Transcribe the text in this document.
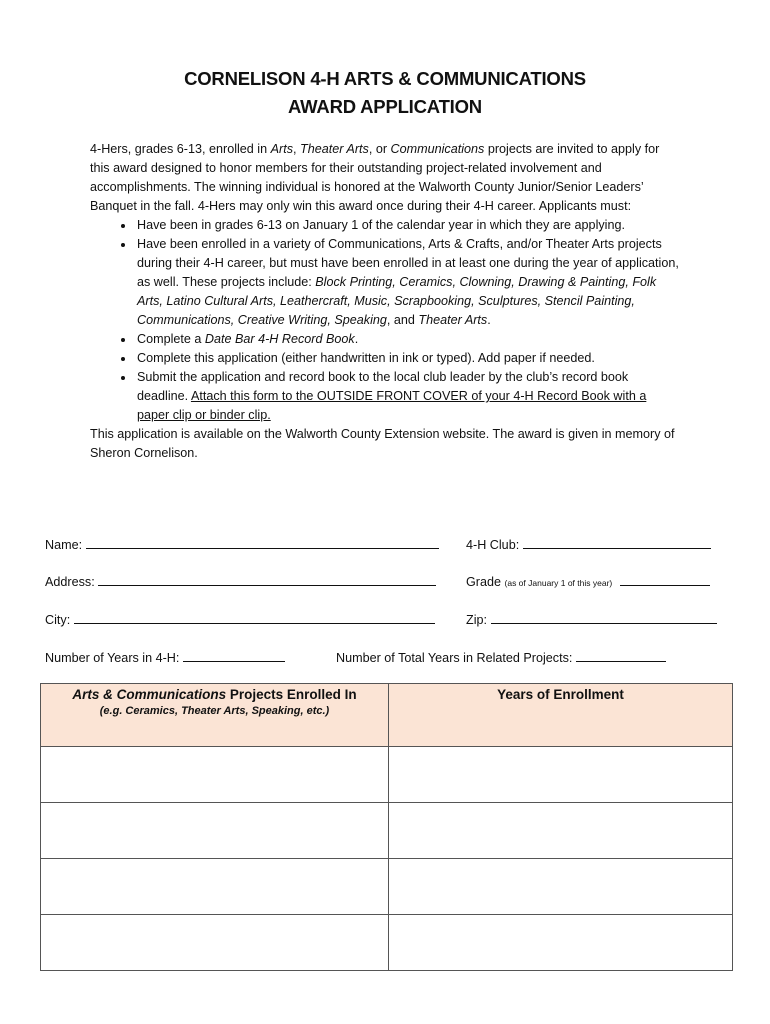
CORNELISON 4-H ARTS & COMMUNICATIONS
AWARD APPLICATION

4-Hers, grades 6-13, enrolled in Arts, Theater Arts, or Communications projects are invited to apply for this award designed to honor members for their outstanding project-related involvement and accomplishments. The winning individual is honored at the Walworth County Junior/Senior Leaders’ Banquet in the fall. 4-Hers may only win this award once during their 4-H career. Applicants must:

• Have been in grades 6-13 on January 1 of the calendar year in which they are applying.
• Have been enrolled in a variety of Communications, Arts & Crafts, and/or Theater Arts projects during their 4-H career, but must have been enrolled in at least one during the year of application, as well. These projects include: Block Printing, Ceramics, Clowning, Drawing & Painting, Folk Arts, Latino Cultural Arts, Leathercraft, Music, Scrapbooking, Sculptures, Stencil Painting, Communications, Creative Writing, Speaking, and Theater Arts.
• Complete a Date Bar 4-H Record Book.
• Complete this application (either handwritten in ink or typed). Add paper if needed.
• Submit the application and record book to the local club leader by the club’s record book deadline. Attach this form to the OUTSIDE FRONT COVER of your 4-H Record Book with a paper clip or binder clip.

This application is available on the Walworth County Extension website. The award is given in memory of Sheron Cornelison.

Name:	4-H Club:
Address:	Grade (as of January 1 of this year)
City:	Zip:
Number of Years in 4-H:	Number of Total Years in Related Projects:
Arts & Communications Projects Enrolled In
(e.g. Ceramics, Theater Arts, Speaking, etc.)	Years of Enrollment
